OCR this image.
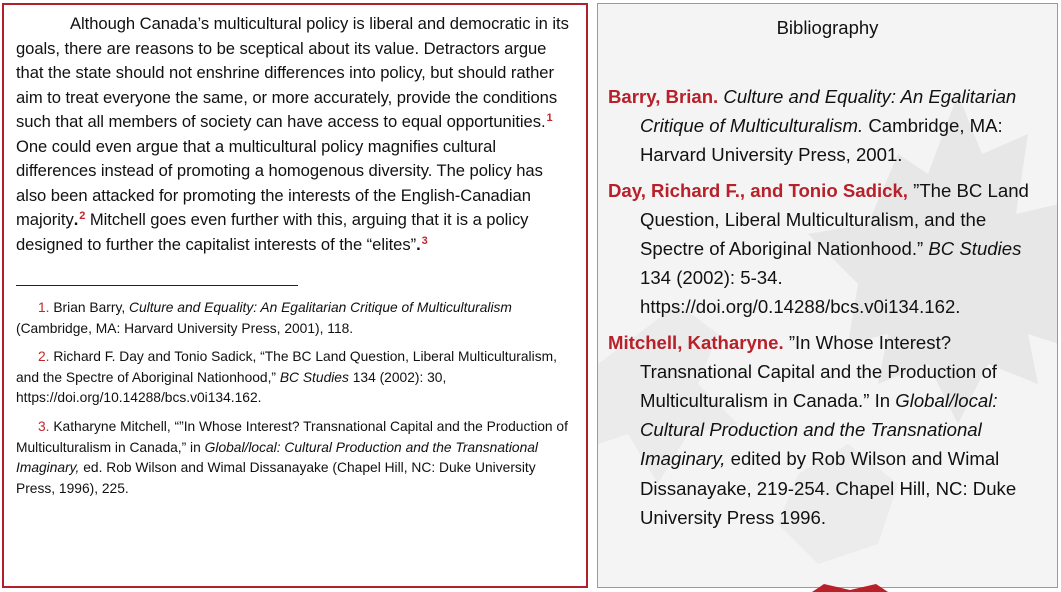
Although Canada’s multicultural policy is liberal and democratic in its goals, there are reasons to be sceptical about its value. Detractors argue that the state should not enshrine differences into policy, but should rather aim to treat everyone the same, or more accurately, provide the conditions such that all members of society can have access to equal opportunities.$^1$ One could even argue that a multicultural policy magnifies cultural differences instead of promoting a homogenous diversity. The policy has also been attacked for promoting the interests of the English-Canadian majority.$^2$ Mitchell goes even further with this, arguing that it is a policy designed to further the capitalist interests of the “elites”.$^3$

1. Brian Barry, Culture and Equality: An Egalitarian Critique of Multiculturalism (Cambridge, MA: Harvard University Press, 2001), 118.

2. Richard F. Day and Tonio Sadick, “The BC Land Question, Liberal Multiculturalism, and the Spectre of Aboriginal Nationhood,” BC Studies 134 (2002): 30, https://doi.org/10.14288/bcs.v0i134.162.

3. Katharyne Mitchell, “”In Whose Interest? Transnational Capital and the Production of Multiculturalism in Canada,” in Global/local: Cultural Production and the Transnational Imaginary, ed. Rob Wilson and Wimal Dissanayake (Chapel Hill, NC: Duke University Press, 1996), 225.

Bibliography

Barry, Brian. Culture and Equality: An Egalitarian Critique of Multiculturalism. Cambridge, MA: Harvard University Press, 2001.

Day, Richard F., and Tonio Sadick, ”The BC Land Question, Liberal Multiculturalism, and the Spectre of Aboriginal Nationhood.” BC Studies 134 (2002): 5-34. https://doi.org/0.14288/bcs.v0i134.162.

Mitchell, Katharyne. ”In Whose Interest? Transnational Capital and the Production of Multiculturalism in Canada.” In Global/local: Cultural Production and the Transnational Imaginary, edited by Rob Wilson and Wimal Dissanayake, 219-254. Chapel Hill, NC: Duke University Press 1996.
